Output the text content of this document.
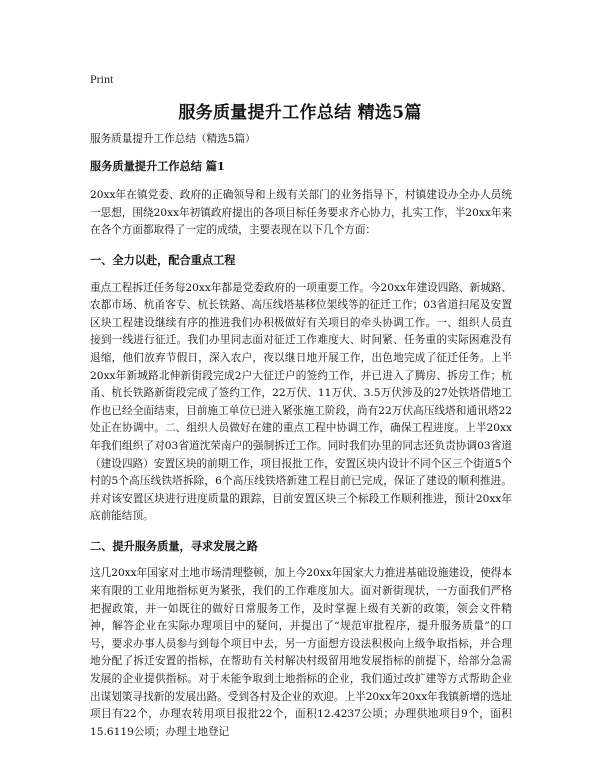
Print
服务质量提升工作总结 精选5篇

服务质量提升工作总结（精选5篇）

服务质量提升工作总结 篇1

20xx年在镇党委、政府的正确领导和上级有关部门的业务指导下，村镇建设办全办人员统一思想，围绕20xx年初镇政府提出的各项目标任务要求齐心协力，扎实工作，半20xx年来在各个方面都取得了一定的成绩，主要表现在以下几个方面：

一、全力以赴，配合重点工程

重点工程拆迁任务每20xx年都是党委政府的一项重要工作。今20xx年建设四路、新城路、农都市场、杭甬客专、杭长铁路、高压线塔基移位架线等的征迁工作；03省道扫尾及安置区块工程建设继续有序的推进我们办积极做好有关项目的牵头协调工作。一、组织人员直接到一线进行征迁。我们办里同志面对征迁工作难度大、时间紧、任务重的实际困难没有退缩，他们放弃节假日，深入农户，夜以继日地开展工作，出色地完成了征迁任务。上半20xx年新城路北伸新街段完成2户大征迁户的签约工作，并已进入了腾房、拆房工作；杭甬、杭长铁路新街段完成了签约工作，22万伏、11万伏、3.5万伏涉及的27处铁塔借地工作也已经全面结束，目前施工单位已进入紧张施工阶段，尚有22万伏高压线塔和通讯塔22处正在协调中。二、组织人员做好在建的重点工程中协调工作，确保工程进度。上半20xx年我们组织了对03省道沈荣南户的强制拆迁工作。同时我们办里的同志还负责协调03省道（建设四路）安置区块的前期工作，项目报批工作，安置区块内设计不同个区三个街道5个村的5个高压线铁塔拆除，6个高压线铁塔新建工程目前已完成，保证了建设的顺利推进。并对该安置区块进行进度质量的跟踪，目前安置区块三个标段工作顺利推进，预计20xx年底前能结顶。

二、提升服务质量，寻求发展之路

这几20xx年国家对土地市场清理整顿，加上今20xx年国家大力推进基础设施建设，使得本来有限的工业用地指标更为紧张，我们的工作难度加大。面对新街现状，一方面我们严格把握政策，并一如既往的做好日常服务工作，及时掌握上级有关新的政策，领会文件精神，解答企业在实际办理项目中的疑问，并提出了“规范审批程序，提升服务质量”的口号，要求办事人员参与到每个项目中去，另一方面想方设法积极向上级争取指标，并合理地分配了拆迁安置的指标，在帮助有关村解决村级留用地发展指标的前提下，给部分急需发展的企业提供指标。对于未能争取到土地指标的企业，我们通过改扩建等方式帮助企业出谋划策寻找新的发展出路。受到各村及企业的欢迎。上半20xx年20xx年我镇新增的选址项目有22个，办理农转用项目报批22个，面积12.4237公顷；办理供地项目9个，面积15.6119公顷；办理土地登记
